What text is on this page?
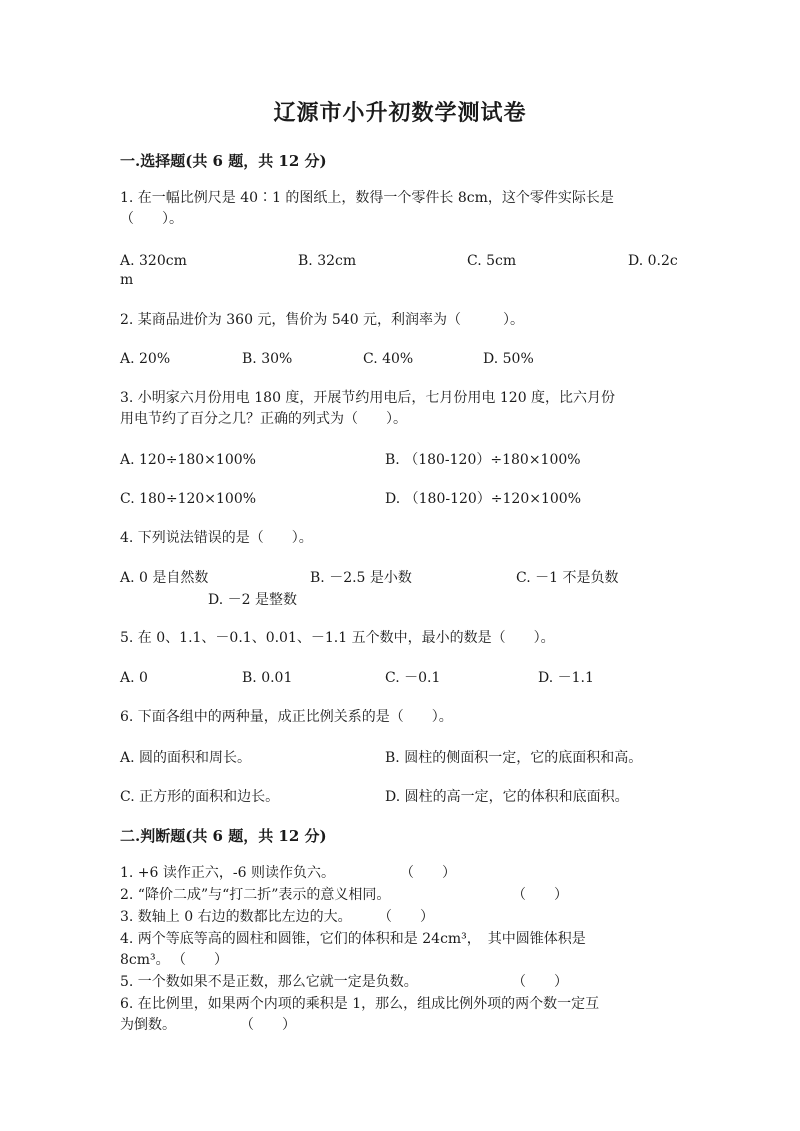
辽源市小升初数学测试卷
一.选择题(共 6 题，共 12 分)
1. 在一幅比例尺是 40∶1 的图纸上，数得一个零件长 8cm，这个零件实际长是
（　　）。
A. 320cm	B. 32cm	C. 5cm	D. 0.2c
m
2. 某商品进价为 360 元，售价为 540 元，利润率为（　　　）。
A. 20%	B. 30%	C. 40%	D. 50%
3. 小明家六月份用电 180 度，开展节约用电后，七月份用电 120 度，比六月份
用电节约了百分之几？正确的列式为（　　）。
A. 120÷180×100%	B. （180-120）÷180×100%
C. 180÷120×100%	D. （180-120）÷120×100%
4. 下列说法错误的是（　　）。
A. 0 是自然数	B. －2.5 是小数	C. －1 不是负数
D. －2 是整数
5. 在 0、1.1、－0.1、0.01、－1.1 五个数中，最小的数是（　　）。
A. 0	B. 0.01	C. －0.1	D. －1.1
6. 下面各组中的两种量，成正比例关系的是（　　）。
A. 圆的面积和周长。	B. 圆柱的侧面积一定，它的底面积和高。
C. 正方形的面积和边长。	D. 圆柱的高一定，它的体积和底面积。
二.判断题(共 6 题，共 12 分)
1. +6 读作正六，-6 则读作负六。	（　　）
2. “降价二成”与“打二折”表示的意义相同。	（　　）
3. 数轴上 0 右边的数都比左边的大。 （　　）
4. 两个等底等高的圆柱和圆锥，它们的体积和是 24cm³，　其中圆锥体积是
8cm³。 （　　）
5. 一个数如果不是正数，那么它就一定是负数。	（　　）
6. 在比例里，如果两个内项的乘积是 1，那么，组成比例外项的两个数一定互
为倒数。	（　　）
